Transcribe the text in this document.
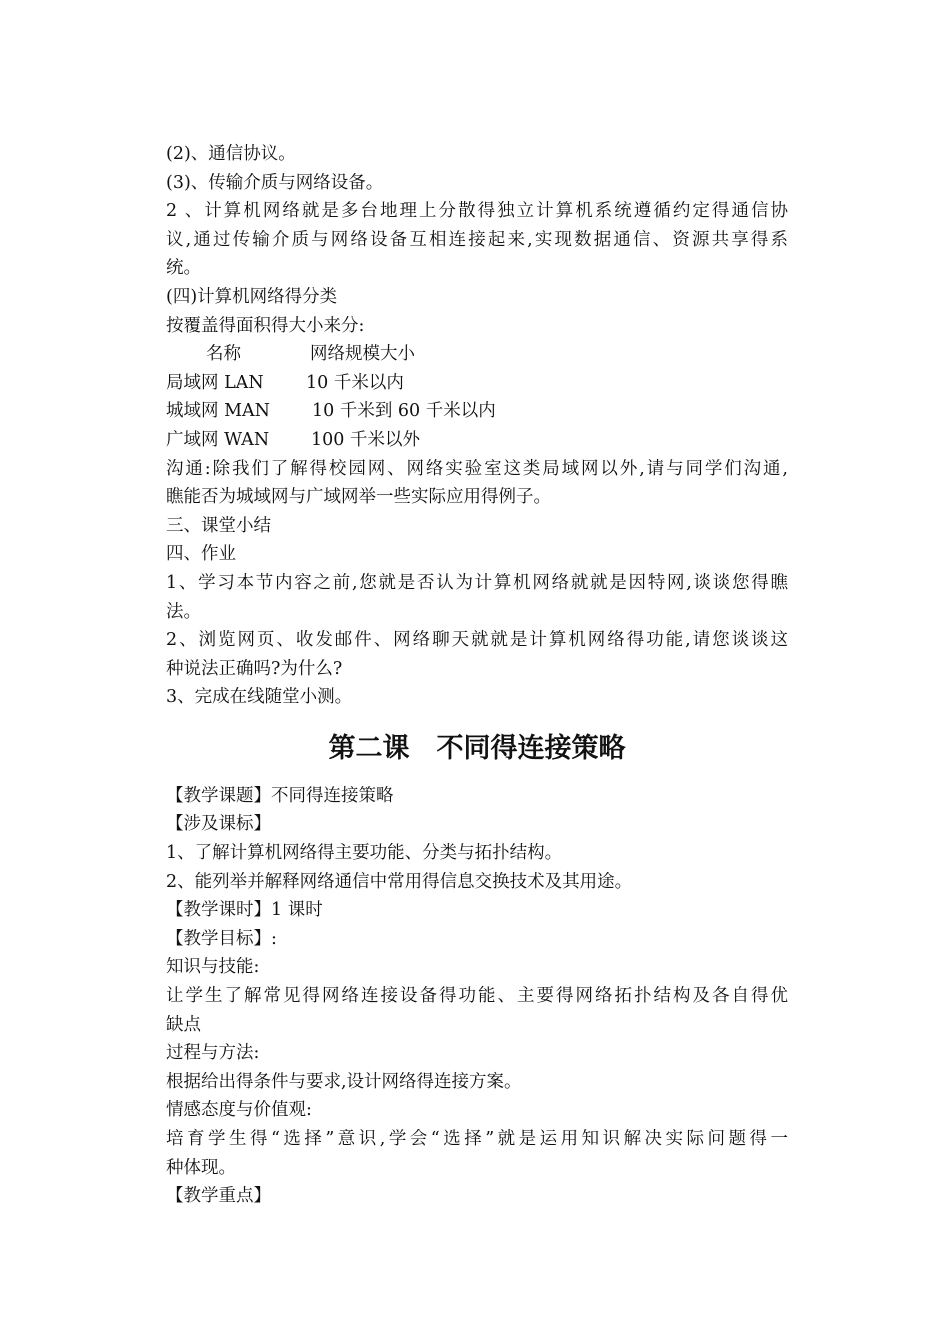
(2)、通信协议。
(3)、传输介质与网络设备。
2 、计算机网络就是多台地理上分散得独立计算机系统遵循约定得通信协
议,通过传输介质与网络设备互相连接起来,实现数据通信、资源共享得系
统。
(四)计算机网络得分类
按覆盖得面积得大小来分:
名称	网络规模大小
局域网 LAN	10 千米以内
城域网 MAN	10 千米到 60 千米以内
广域网 WAN	100 千米以外
沟通:除我们了解得校园网、网络实验室这类局域网以外,请与同学们沟通,
瞧能否为城域网与广域网举一些实际应用得例子。
三、课堂小结
四、作业
1、学习本节内容之前,您就是否认为计算机网络就就是因特网,谈谈您得瞧
法。
2、浏览网页、收发邮件、网络聊天就就是计算机网络得功能,请您谈谈这
种说法正确吗?为什么?
3、完成在线随堂小测。
第二课　不同得连接策略
【教学课题】不同得连接策略
【涉及课标】
1、了解计算机网络得主要功能、分类与拓扑结构。
2、能列举并解释网络通信中常用得信息交换技术及其用途。
【教学课时】1 课时
【教学目标】:
知识与技能:
让学生了解常见得网络连接设备得功能、主要得网络拓扑结构及各自得优
缺点
过程与方法:
根据给出得条件与要求,设计网络得连接方案。
情感态度与价值观:
培育学生得“选择”意识,学会“选择”就是运用知识解决实际问题得一
种体现。
【教学重点】
